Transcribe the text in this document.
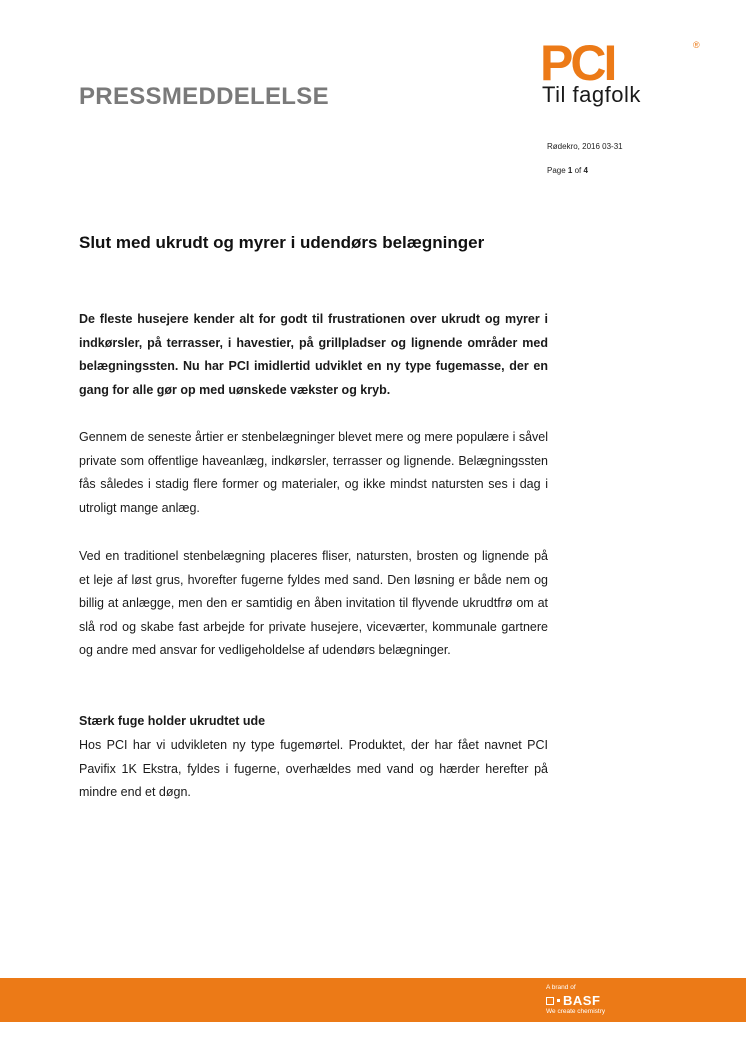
PRESSMEDDELELSE
PCI	®
Til fagfolk
Rødekro, 2016 03-31
Page 1 of 4
Slut med ukrudt og myrer i udendørs belægninger
De fleste husejere kender alt for godt til frustrationen over ukrudt og myrer i indkørsler, på terrasser, i havestier, på grillpladser og lignende områder med belægningssten. Nu har PCI imidlertid udviklet en ny type fugemasse, der en gang for alle gør op med uønskede vækster og kryb.
Gennem de seneste årtier er stenbelægninger blevet mere og mere populære i såvel private som offentlige haveanlæg, indkørsler, terrasser og lignende. Belægningssten fås således i stadig flere former og materialer, og ikke mindst natursten ses i dag i utroligt mange anlæg.
Ved en traditionel stenbelægning placeres fliser, natursten, brosten og lignende på et leje af løst grus, hvorefter fugerne fyldes med sand. Den løsning er både nem og billig at anlægge, men den er samtidig en åben invitation til flyvende ukrudtfrø om at slå rod og skabe fast arbejde for private husejere, viceværter, kommunale gartnere og andre med ansvar for vedligeholdelse af udendørs belægninger.
Stærk fuge holder ukrudtet ude
Hos PCI har vi udvikleten ny type fugemørtel. Produktet, der har fået navnet PCI Pavifix 1K Ekstra, fyldes i fugerne, overhældes med vand og hærder herefter på mindre end et døgn.
A brand of
BASF
We create chemistry
